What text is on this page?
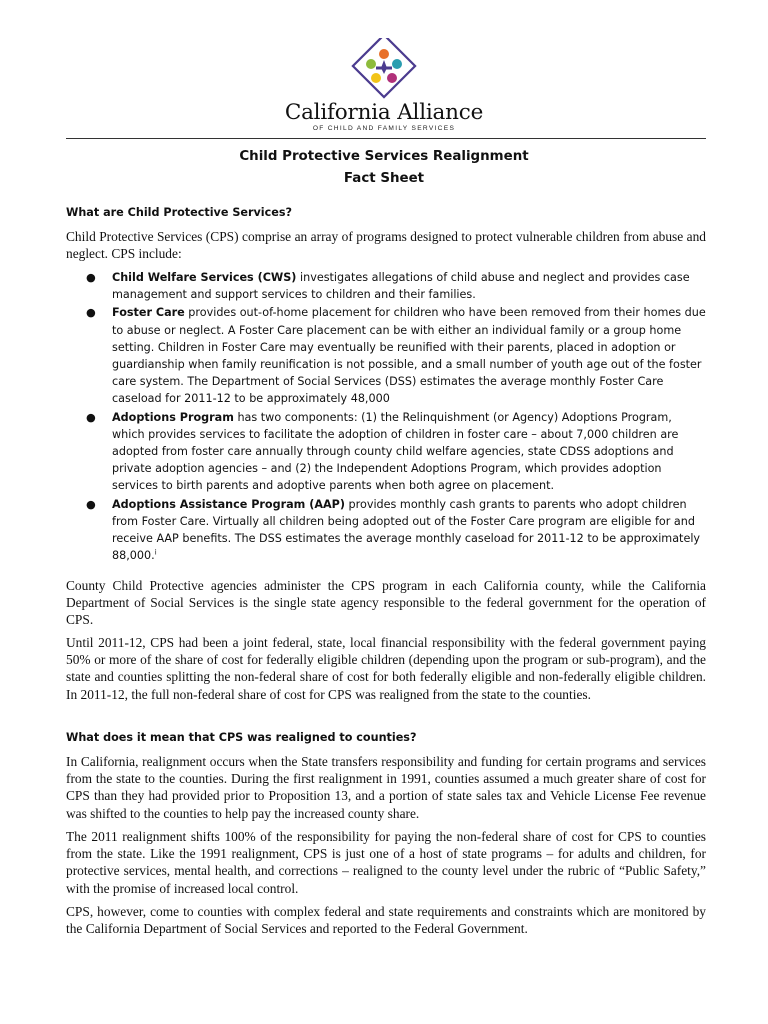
California Alliance
OF CHILD AND FAMILY SERVICES
Child Protective Services Realignment
Fact Sheet
What are Child Protective Services?
Child Protective Services (CPS) comprise an array of programs designed to protect vulnerable children from abuse and neglect. CPS include:
● Child Welfare Services (CWS) investigates allegations of child abuse and neglect and provides case management and support services to children and their families.
● Foster Care provides out-of-home placement for children who have been removed from their homes due to abuse or neglect. A Foster Care placement can be with either an individual family or a group home setting. Children in Foster Care may eventually be reunified with their parents, placed in adoption or guardianship when family reunification is not possible, and a small number of youth age out of the foster care system. The Department of Social Services (DSS) estimates the average monthly Foster Care caseload for 2011-12 to be approximately 48,000
● Adoptions Program has two components: (1) the Relinquishment (or Agency) Adoptions Program, which provides services to facilitate the adoption of children in foster care – about 7,000 children are adopted from foster care annually through county child welfare agencies, state CDSS adoptions and private adoption agencies – and (2) the Independent Adoptions Program, which provides adoption services to birth parents and adoptive parents when both agree on placement.
● Adoptions Assistance Program (AAP) provides monthly cash grants to parents who adopt children from Foster Care. Virtually all children being adopted out of the Foster Care program are eligible for and receive AAP benefits. The DSS estimates the average monthly caseload for 2011-12 to be approximately 88,000.$^i$
County Child Protective agencies administer the CPS program in each California county, while the California Department of Social Services is the single state agency responsible to the federal government for the operation of CPS.
Until 2011-12, CPS had been a joint federal, state, local financial responsibility with the federal government paying 50% or more of the share of cost for federally eligible children (depending upon the program or sub-program), and the state and counties splitting the non-federal share of cost for both federally eligible and non-federally eligible children. In 2011-12, the full non-federal share of cost for CPS was realigned from the state to the counties.
What does it mean that CPS was realigned to counties?
In California, realignment occurs when the State transfers responsibility and funding for certain programs and services from the state to the counties. During the first realignment in 1991, counties assumed a much greater share of cost for CPS than they had provided prior to Proposition 13, and a portion of state sales tax and Vehicle License Fee revenue was shifted to the counties to help pay the increased county share.
The 2011 realignment shifts 100% of the responsibility for paying the non-federal share of cost for CPS to counties from the state. Like the 1991 realignment, CPS is just one of a host of state programs – for adults and children, for protective services, mental health, and corrections – realigned to the county level under the rubric of “Public Safety,” with the promise of increased local control.
CPS, however, come to counties with complex federal and state requirements and constraints which are monitored by the California Department of Social Services and reported to the Federal Government.
